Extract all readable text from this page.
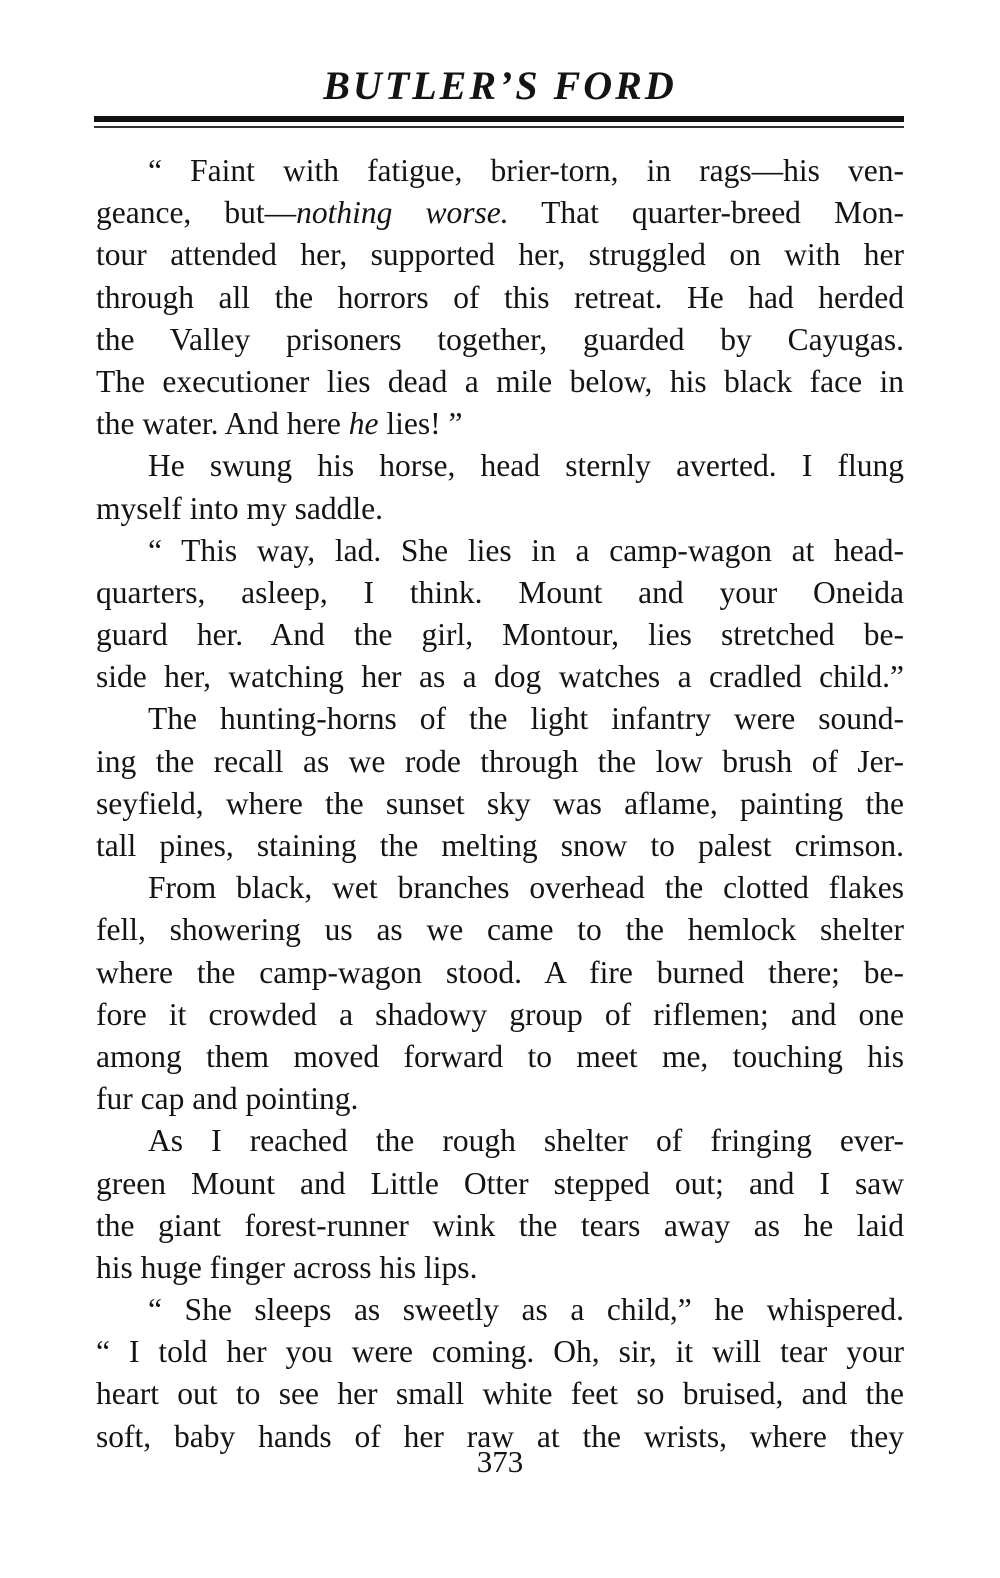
BUTLER’S FORD
“ Faint with fatigue, brier-torn, in rags—his ven-
geance, but—nothing worse. That quarter-breed Mon-
tour attended her, supported her, struggled on with her
through all the horrors of this retreat. He had herded
the Valley prisoners together, guarded by Cayugas.
The executioner lies dead a mile below, his black face in
the water. And here he lies! ”
He swung his horse, head sternly averted. I flung
myself into my saddle.
“ This way, lad. She lies in a camp-wagon at head-
quarters, asleep, I think. Mount and your Oneida
guard her. And the girl, Montour, lies stretched be-
side her, watching her as a dog watches a cradled child.”
The hunting-horns of the light infantry were sound-
ing the recall as we rode through the low brush of Jer-
seyfield, where the sunset sky was aflame, painting the
tall pines, staining the melting snow to palest crimson.
From black, wet branches overhead the clotted flakes
fell, showering us as we came to the hemlock shelter
where the camp-wagon stood. A fire burned there; be-
fore it crowded a shadowy group of riflemen; and one
among them moved forward to meet me, touching his
fur cap and pointing.
As I reached the rough shelter of fringing ever-
green Mount and Little Otter stepped out; and I saw
the giant forest-runner wink the tears away as he laid
his huge finger across his lips.
“ She sleeps as sweetly as a child,” he whispered.
“ I told her you were coming. Oh, sir, it will tear your
heart out to see her small white feet so bruised, and the
soft, baby hands of her raw at the wrists, where they
373
